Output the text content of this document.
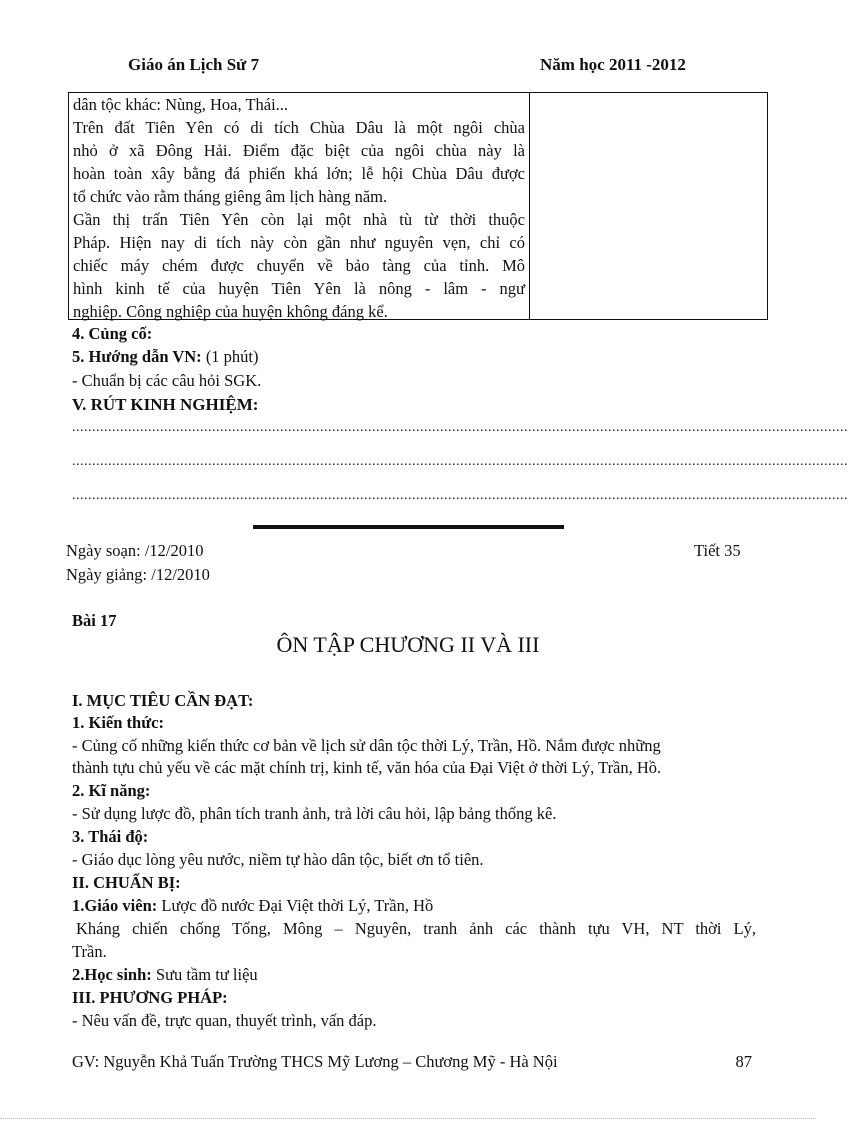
Giáo án Lịch Sử 7	Năm học 2011 -2012

dân tộc khác: Nùng, Hoa, Thái...

Trên đất Tiên Yên có di tích Chùa Dâu là một ngôi chùa

nhỏ ở xã Đông Hải. Điểm đặc biệt của ngôi chùa này là

hoàn toàn xây bằng đá phiến khá lớn; lễ hội Chùa Dâu được

tổ chức vào rằm tháng giêng âm lịch hàng năm.

Gần thị trấn Tiên Yên còn lại một nhà tù từ thời thuộc

Pháp. Hiện nay di tích này còn gần như nguyên vẹn, chỉ có

chiếc máy chém được chuyển về bảo tàng của tỉnh. Mô

hình kinh tế của huyện Tiên Yên là nông - lâm - ngư

nghiệp. Công nghiệp của huyện không đáng kể.

4. Củng cố:
5. Hướng dẫn VN: (1 phút)
- Chuẩn bị các câu hỏi SGK.
V. RÚT KINH NGHIỆM:
..................................................................................................................................................................................................
..................................................................................................................................................................................................
..................................................................................................................................................................................................
Ngày soạn: /12/2010
Ngày giảng: /12/2010
Tiết 35
Bài 17
ÔN TẬP CHƯƠNG II VÀ III
I. MỤC TIÊU CẦN ĐẠT:
1. Kiến thức:
- Củng cố những kiến thức cơ bản về lịch sử dân tộc thời Lý, Trần, Hồ. Nắm được những
thành tựu chủ yếu về các mặt chính trị, kinh tế, văn hóa của Đại Việt ở thời Lý, Trần, Hồ.
2. Kĩ năng:
- Sử dụng lược đồ, phân tích tranh ảnh, trả lời câu hỏi, lập bảng thống kê.
3. Thái độ:
- Giáo dục lòng yêu nước, niềm tự hào dân tộc, biết ơn tổ tiên.
II. CHUẨN BỊ:
1.Giáo viên: Lược đồ nước Đại Việt thời Lý, Trần, Hồ
Kháng chiến chống Tống, Mông – Nguyên, tranh ảnh các thành tựu VH, NT thời Lý,
Trần.
2.Học sinh: Sưu tầm tư liệu
III. PHƯƠNG PHÁP:
- Nêu vấn đề, trực quan, thuyết trình, vấn đáp.
GV: Nguyễn Khả Tuấn Trường THCS Mỹ Lương – Chương Mỹ - Hà Nội	87
